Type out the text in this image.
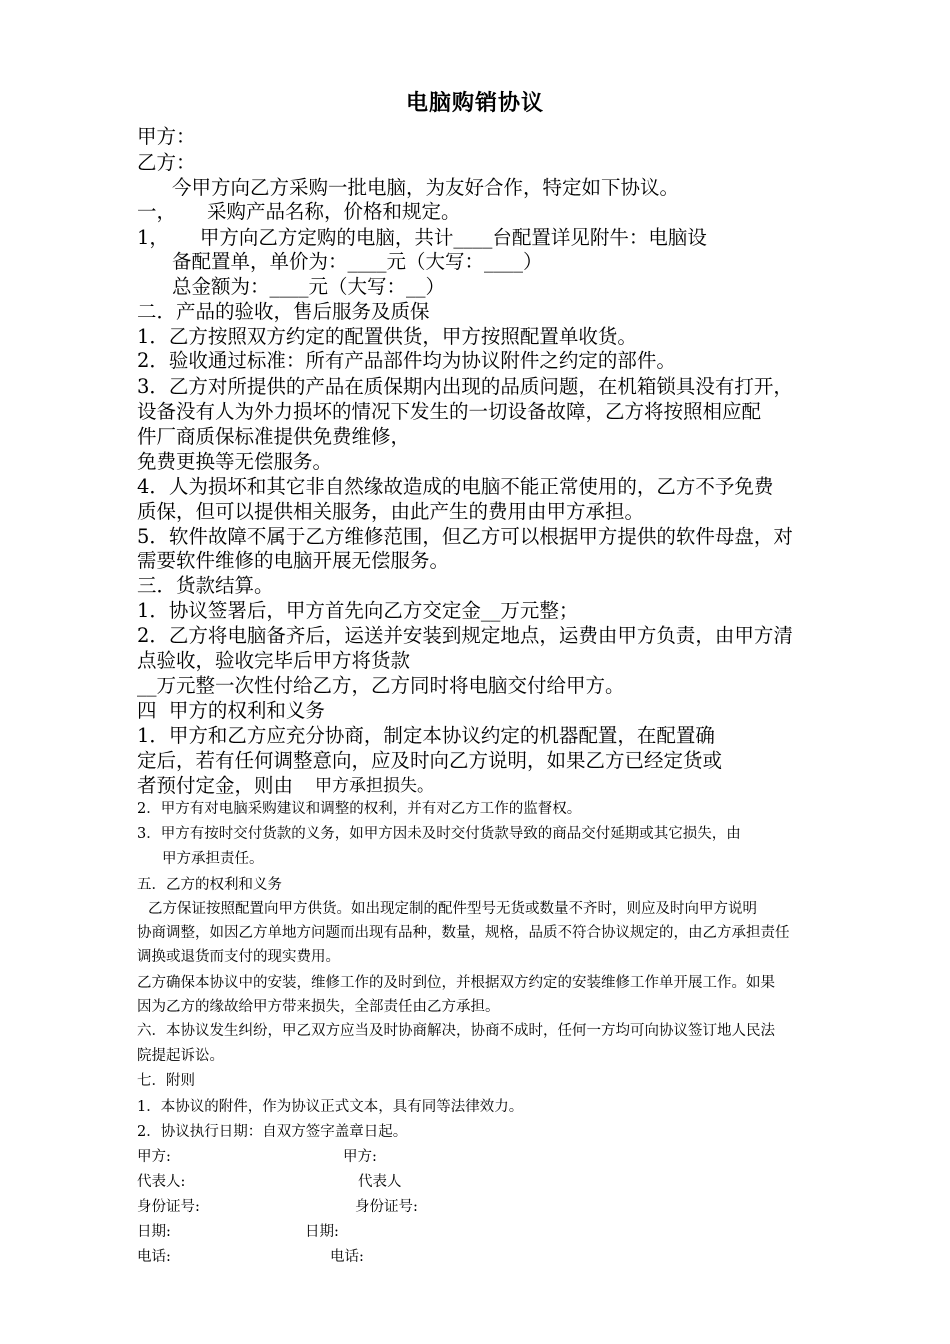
电脑购销协议
甲方：
乙方：
今甲方向乙方采购一批电脑，为友好合作，特定如下协议。
一，     采购产品名称，价格和规定。
1，     甲方向乙方定购的电脑，共计____台配置详见附牛：电脑设
备配置单，单价为：____元（大写：____）
总金额为：____元（大写：__）
二．产品的验收，售后服务及质保
1．乙方按照双方约定的配置供货，甲方按照配置单收货。
2．验收通过标准：所有产品部件均为协议附件之约定的部件。
3．乙方对所提供的产品在质保期内出现的品质问题，在机箱锁具没有打开，
设备没有人为外力损坏的情况下发生的一切设备故障，乙方将按照相应配
件厂商质保标准提供免费维修，
免费更换等无偿服务。
4．人为损坏和其它非自然缘故造成的电脑不能正常使用的，乙方不予免费
质保，但可以提供相关服务，由此产生的费用由甲方承担。
5．软件故障不属于乙方维修范围，但乙方可以根据甲方提供的软件母盘，对
需要软件维修的电脑开展无偿服务。
三．货款结算。
1．协议签署后，甲方首先向乙方交定金__万元整；
2．乙方将电脑备齐后，运送并安装到规定地点，运费由甲方负责，由甲方清
点验收，验收完毕后甲方将货款
__万元整一次性付给乙方，乙方同时将电脑交付给甲方。
四  甲方的权利和义务
1．甲方和乙方应充分协商，制定本协议约定的机器配置，在配置确
定后，若有任何调整意向，应及时向乙方说明，如果乙方已经定货或
者预付定金，则由 甲方承担损失。
2．甲方有对电脑采购建议和调整的权利，并有对乙方工作的监督权。
3．甲方有按时交付货款的义务，如甲方因未及时交付货款导致的商品交付延期或其它损失，由
甲方承担责任。
五．乙方的权利和义务
乙方保证按照配置向甲方供货。如出现定制的配件型号无货或数量不齐时，则应及时向甲方说明
协商调整，如因乙方单地方问题而出现有品种，数量，规格，品质不符合协议规定的，由乙方承担责任
调换或退货而支付的现实费用。
乙方确保本协议中的安装，维修工作的及时到位，并根据双方约定的安装维修工作单开展工作。如果
因为乙方的缘故给甲方带来损失，全部责任由乙方承担。
六．本协议发生纠纷，甲乙双方应当及时协商解决，协商不成时，任何一方均可向协议签订地人民法
院提起诉讼。
七．附则
1．本协议的附件，作为协议正式文本，具有同等法律效力。
2．协议执行日期：自双方签字盖章日起。
甲方:	甲方:
代表人:	代表人
身份证号:	身份证号:
日期:	日期:
电话:	电话:
